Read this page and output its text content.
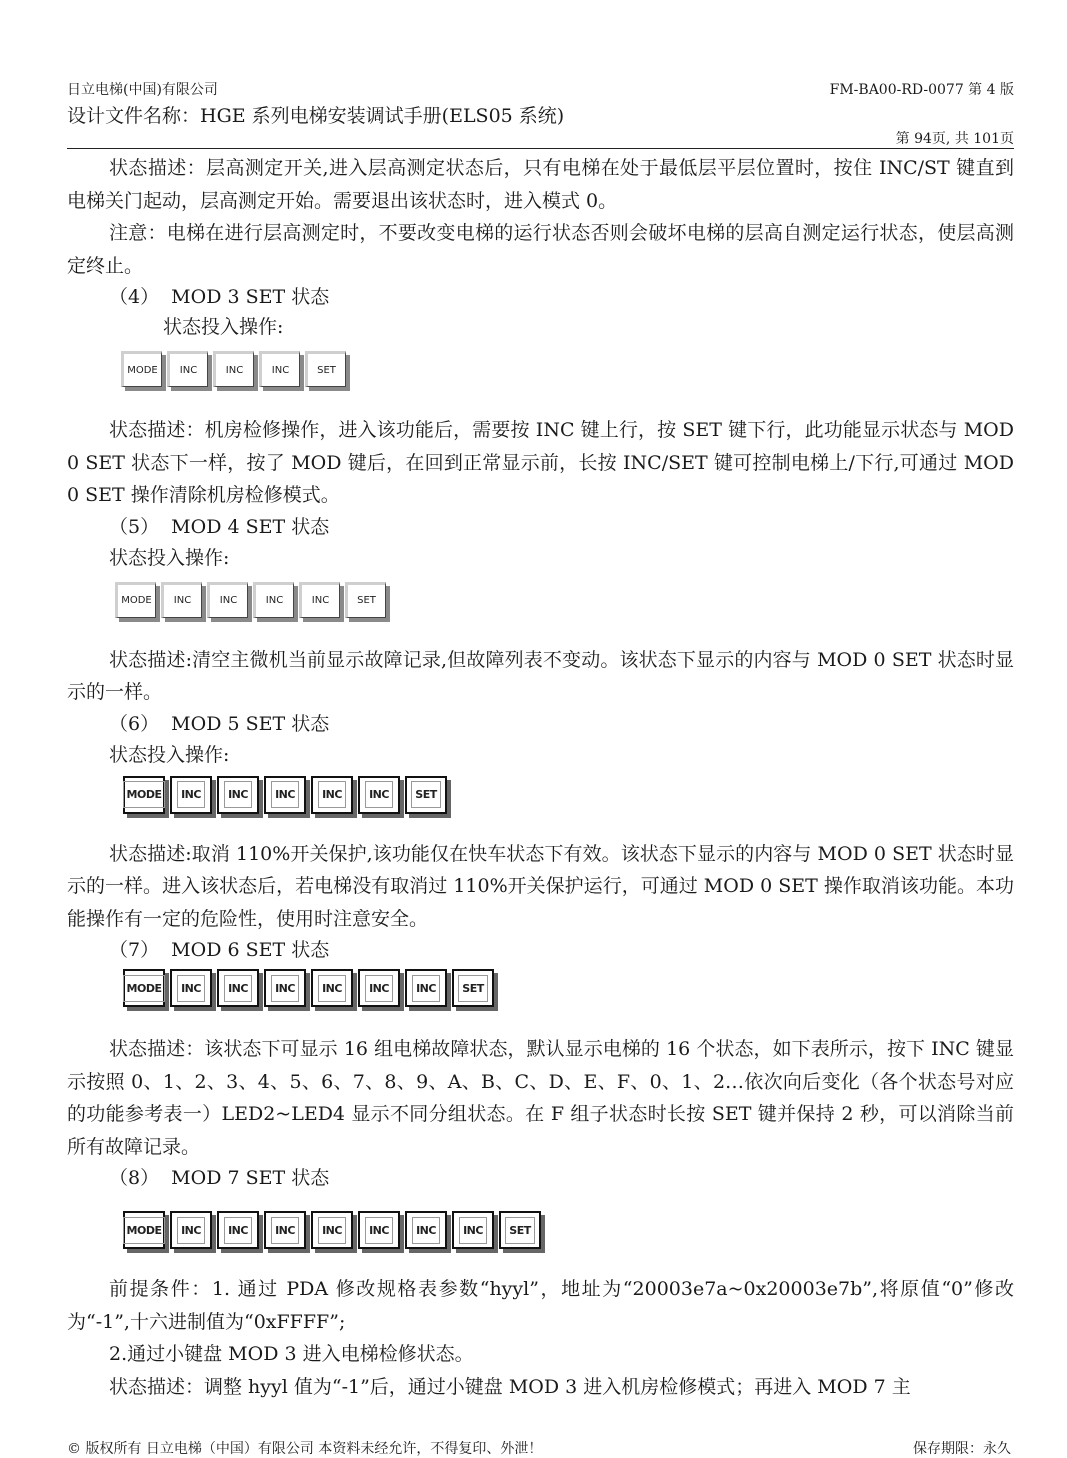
日立电梯(中国)有限公司	FM-BA00-RD-0077 第 4 版
设计文件名称：HGE 系列电梯安装调试手册(ELS05 系统)
第 94页, 共 101页

状态描述：层高测定开关,进入层高测定状态后，只有电梯在处于最低层平层位置时，按住 INC/ST 键直到电梯关门起动，层高测定开始。需要退出该状态时，进入模式 0。

注意：电梯在进行层高测定时，不要改变电梯的运行状态否则会破坏电梯的层高自测定运行状态，使层高测定终止。

（4）  MOD 3 SET 状态

状态投入操作:

MODE	INC	INC	INC	SET

状态描述：机房检修操作，进入该功能后，需要按 INC 键上行，按 SET 键下行，此功能显示状态与 MOD 0 SET 状态下一样，按了 MOD 键后，在回到正常显示前，长按 INC/SET 键可控制电梯上/下行,可通过 MOD 0 SET 操作清除机房检修模式。

（5）  MOD 4 SET 状态

状态投入操作:

MODE	INC	INC	INC	INC	SET

状态描述:清空主微机当前显示故障记录,但故障列表不变动。该状态下显示的内容与 MOD 0 SET 状态时显示的一样。

（6）  MOD 5 SET 状态

状态投入操作:

MODE	INC	INC	INC	INC	INC	SET

状态描述:取消 110%开关保护,该功能仅在快车状态下有效。该状态下显示的内容与 MOD 0 SET 状态时显示的一样。进入该状态后，若电梯没有取消过 110%开关保护运行，可通过 MOD 0 SET 操作取消该功能。本功能操作有一定的危险性，使用时注意安全。

（7）  MOD 6 SET 状态

MODE	INC	INC	INC	INC	INC	INC	SET

状态描述：该状态下可显示 16 组电梯故障状态，默认显示电梯的 16 个状态，如下表所示，按下 INC 键显示按照 0、1、2、3、4、5、6、7、8、9、A、B、C、D、E、F、0、1、2…依次向后变化（各个状态号对应的功能参考表一）LED2~LED4 显示不同分组状态。在 F 组子状态时长按 SET 键并保持 2 秒，可以消除当前所有故障记录。

（8）  MOD 7 SET 状态

MODE	INC	INC	INC	INC	INC	INC	INC	SET

前提条件：1. 通过 PDA 修改规格表参数“hyyl”，地址为“20003e7a~0x20003e7b”,将原值“0”修改为“-1”,十六进制值为“0xFFFF”;

2.通过小键盘 MOD 3 进入电梯检修状态。

状态描述：调整 hyyl 值为“-1”后，通过小键盘 MOD 3 进入机房检修模式；再进入 MOD 7 主

© 版权所有 日立电梯（中国）有限公司 本资料未经允许，不得复印、外泄！	保存期限：永久
